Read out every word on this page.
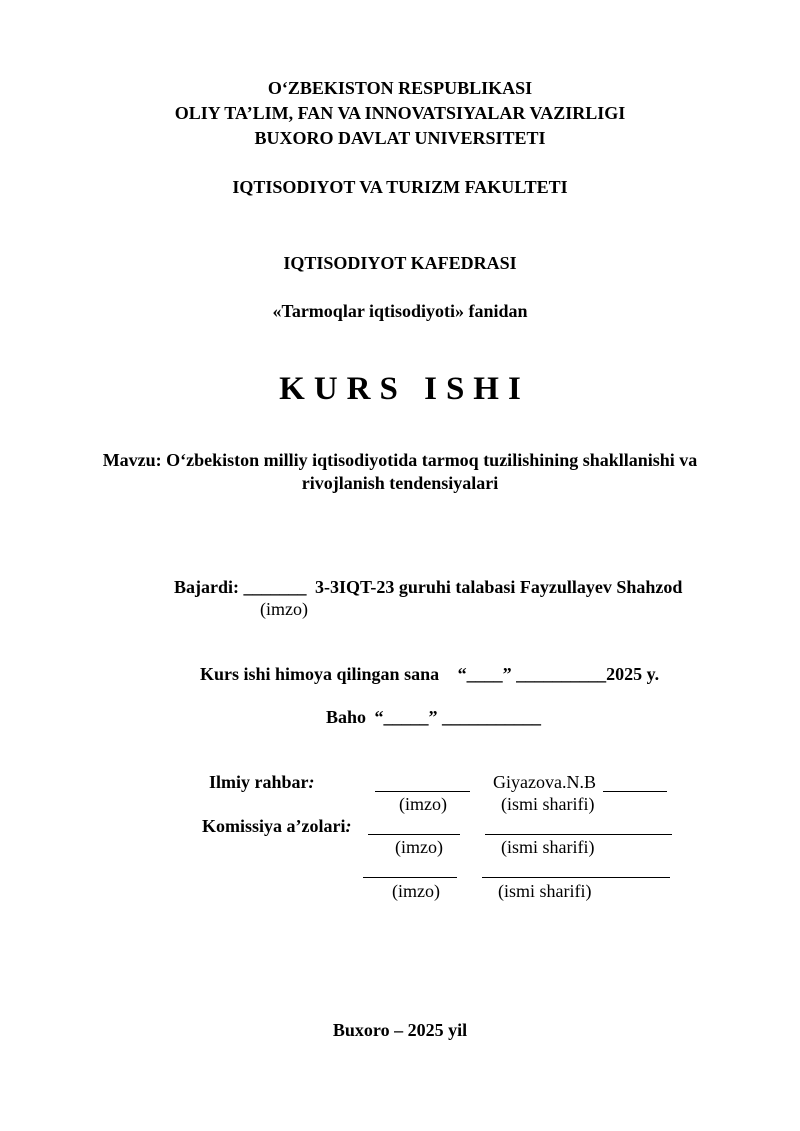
O‘ZBEKISTON RESPUBLIKASI
OLIY TA’LIM, FAN VA INNOVATSIYALAR VAZIRLIGI
BUXORO DAVLAT UNIVERSITETI
IQTISODIYOT VA TURIZM FAKULTETI
IQTISODIYOT KAFEDRASI
«Tarmoqlar iqtisodiyoti» fanidan
KURS ISHI
Mavzu: O‘zbekiston milliy iqtisodiyotida tarmoq tuzilishining shakllanishi va
rivojlanish tendensiyalari
Bajardi: _______ 3-3IQT-23 guruhi talabasi Fayzullayev Shahzod
(imzo)
Kurs ishi himoya qilingan sana “____” __________2025 y.
Baho “_____” ___________
Ilmiy rahbar:	Giyazova.N.B
(imzo)	(ismi sharifi)
Komissiya a’zolari:
(imzo)	(ismi sharifi)
(imzo)	(ismi sharifi)
Buxoro – 2025 yil
